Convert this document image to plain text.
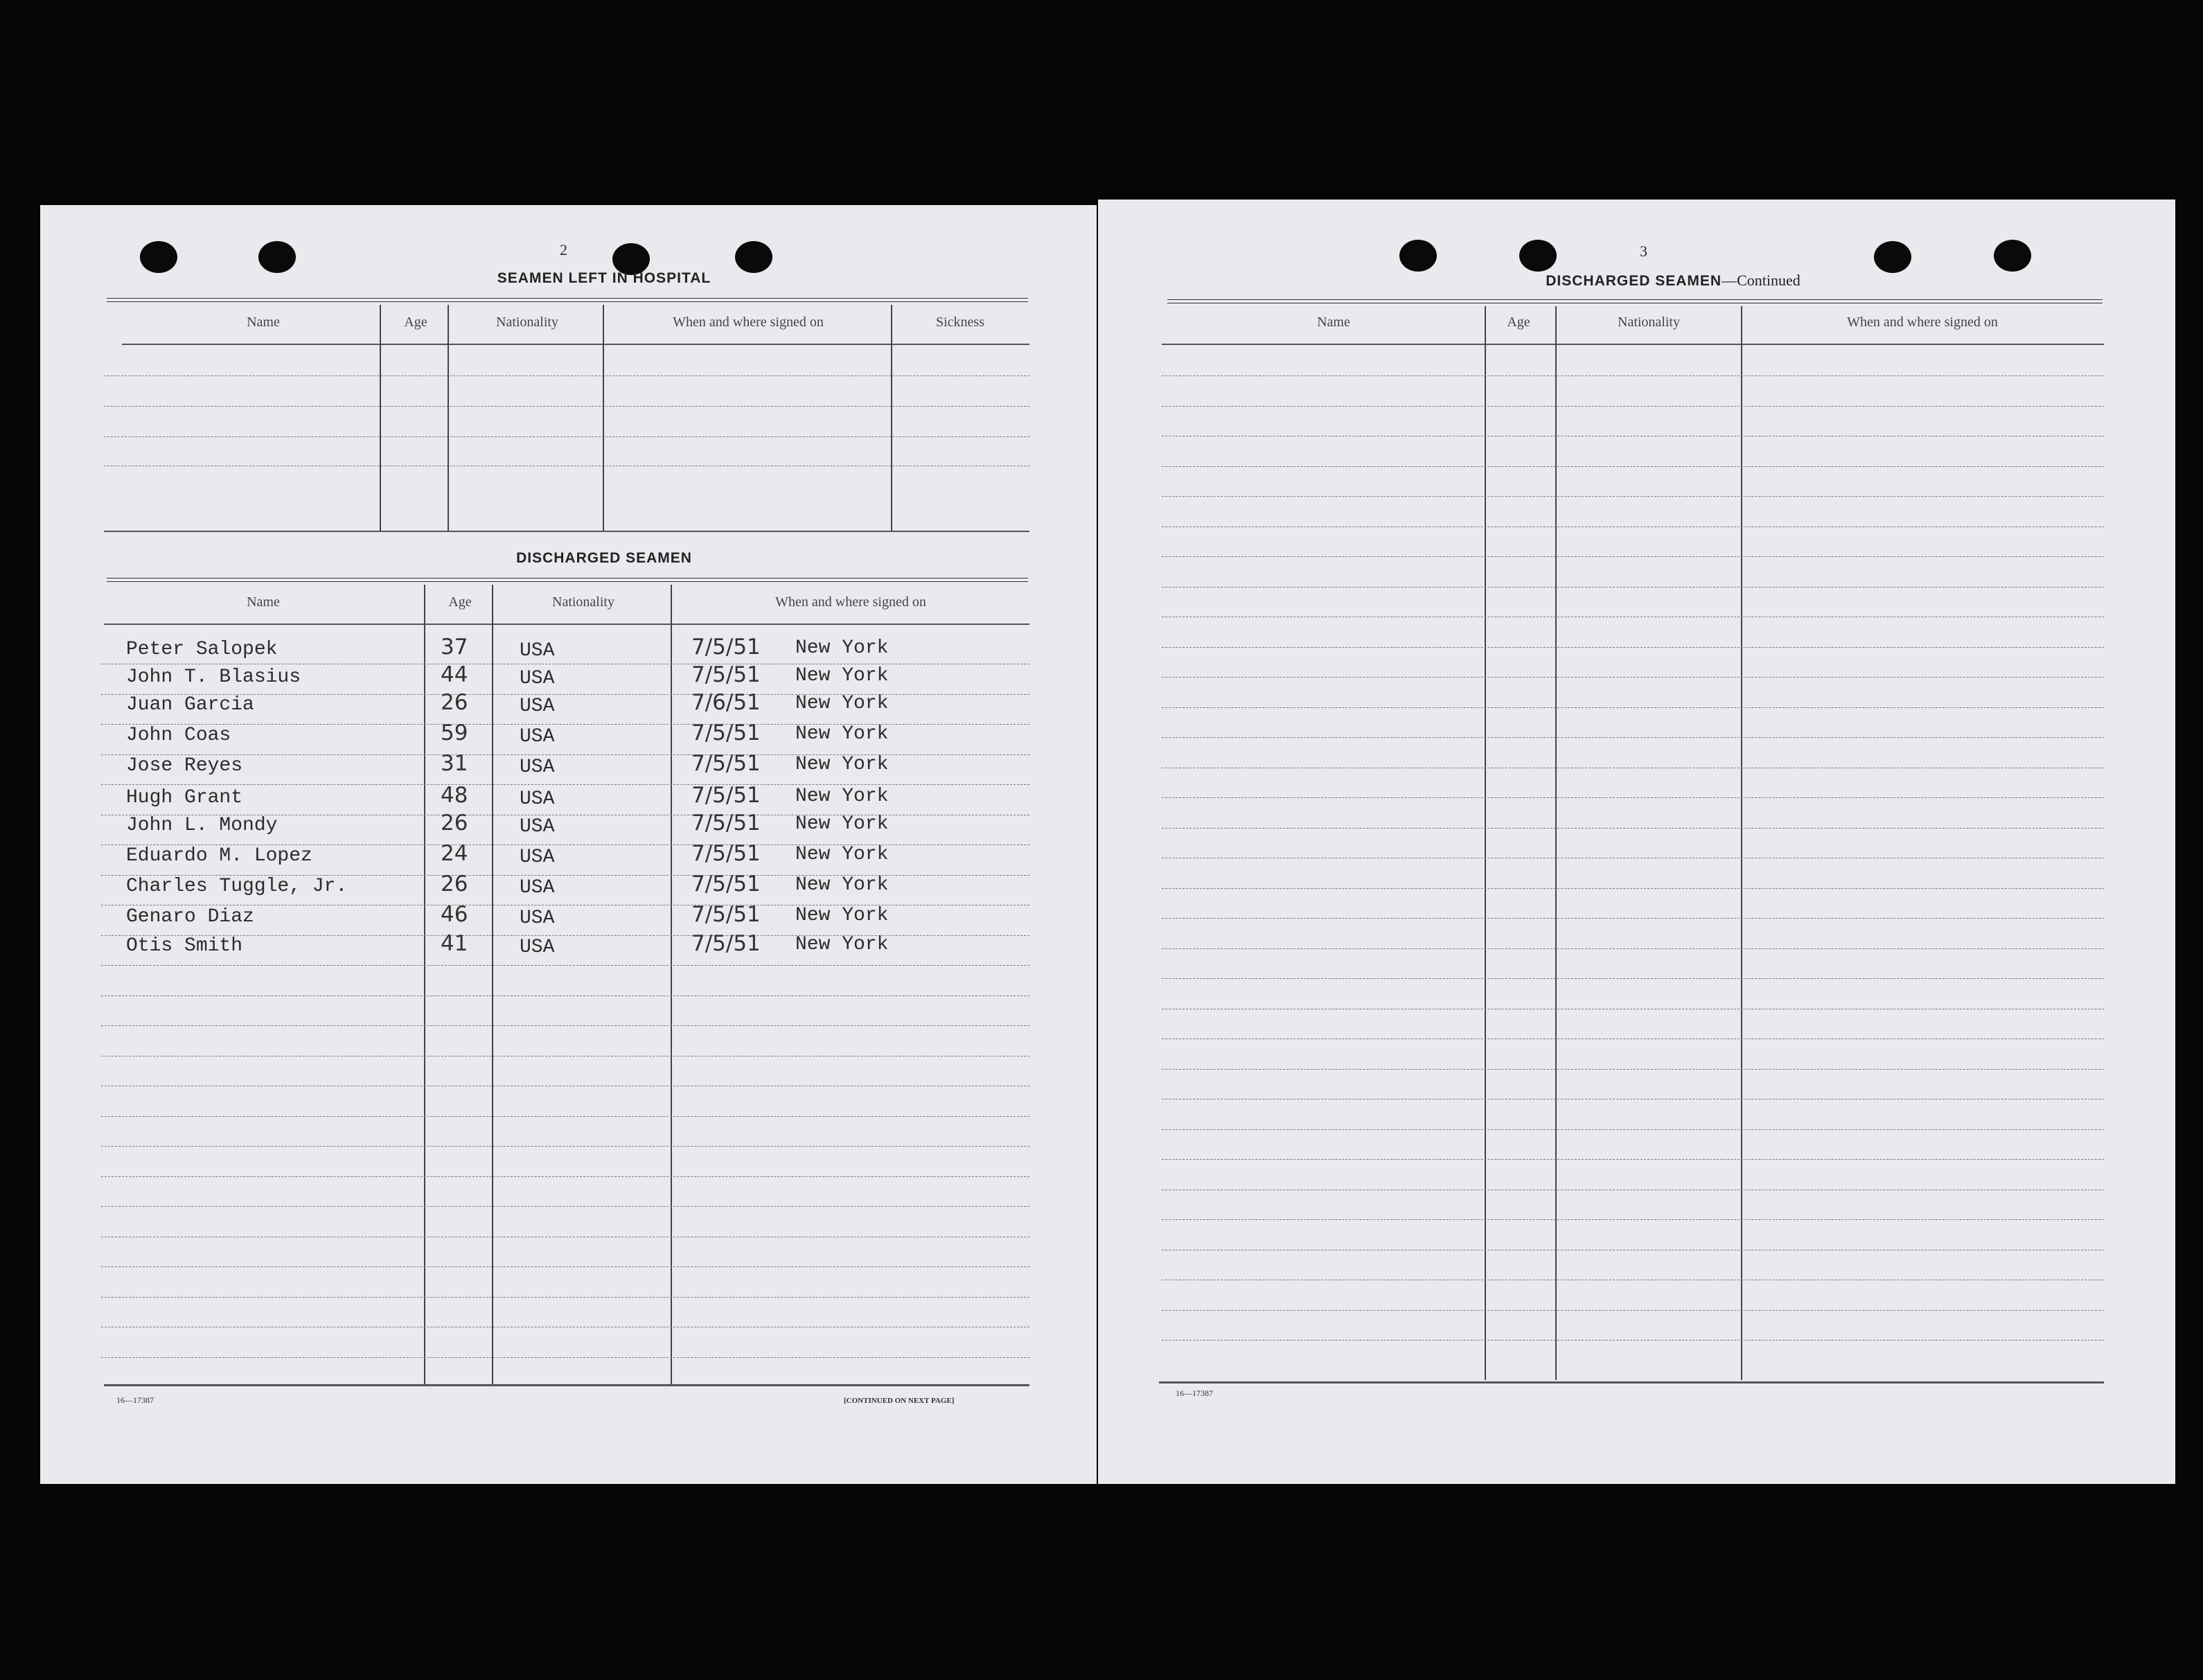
2
SEAMEN LEFT IN HOSPITAL
Name	Age	Nationality	When and where signed on	Sickness
DISCHARGED SEAMEN
Name	Age	Nationality	When and where signed on
Peter Salopek	37	USA	7/5/51 New York
John T. Blasius	44	USA	7/5/51 New York
Juan Garcia	26	USA	7/6/51 New York
John Coas	59	USA	7/5/51 New York
Jose Reyes	31	USA	7/5/51 New York
Hugh Grant	48	USA	7/5/51 New York
John L. Mondy	26	USA	7/5/51 New York
Eduardo M. Lopez	24	USA	7/5/51 New York
Charles Tuggle, Jr.	26	USA	7/5/51 New York
Genaro Diaz	46	USA	7/5/51 New York
Otis Smith	41	USA	7/5/51 New York
16—17387	[CONTINUED ON NEXT PAGE]
3
DISCHARGED SEAMEN—Continued
Name	Age	Nationality	When and where signed on
16—17387
